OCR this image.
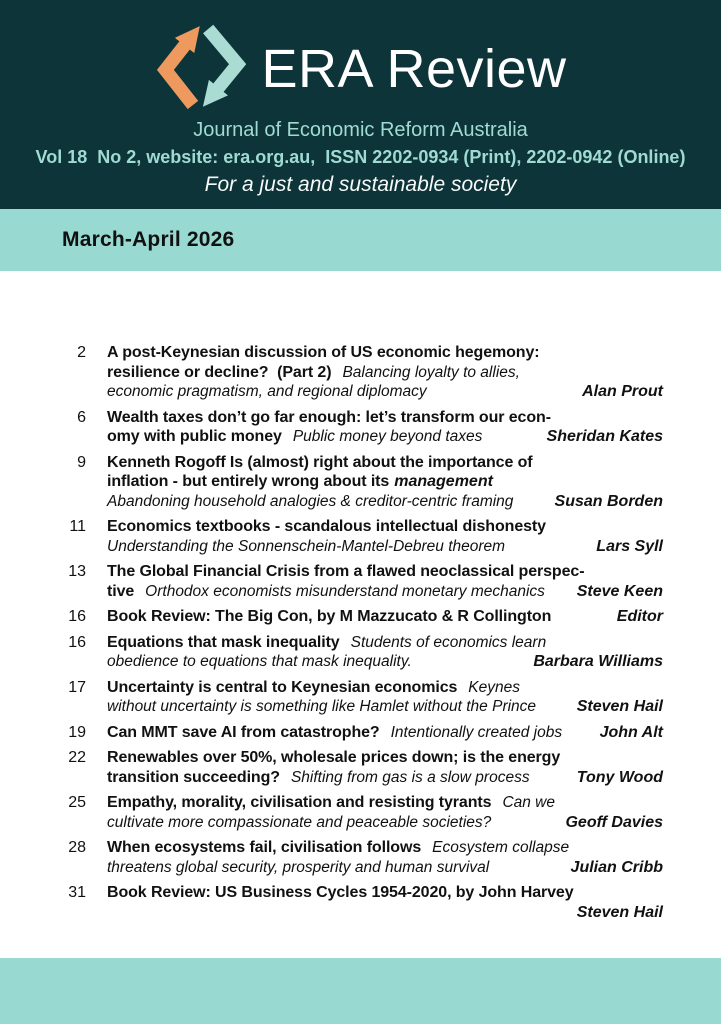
ERA Review
Journal of Economic Reform Australia
Vol 18  No 2, website: era.org.au,  ISSN 2202-0934 (Print), 2202-0942 (Online)
For a just and sustainable society
March-April 2026
2 A post-Keynesian discussion of US economic hegemony:
resilience or decline?  (Part 2) Balancing loyalty to allies,
economic pragmatism, and regional diplomacy	Alan Prout
6 Wealth taxes don’t go far enough: let’s transform our econ-
omy with public money Public money beyond taxes	Sheridan Kates
9 Kenneth Rogoff Is (almost) right about the importance of
inflation - but entirely wrong about its management
Abandoning household analogies & creditor-centric framing	Susan Borden
11 Economics textbooks - scandalous intellectual dishonesty
Understanding the Sonnenschein-Mantel-Debreu theorem	Lars Syll
13 The Global Financial Crisis from a flawed neoclassical perspec-
tive Orthodox economists misunderstand monetary mechanics	Steve Keen
16 Book Review: The Big Con, by M Mazzucato & R Collington	Editor
16 Equations that mask inequality Students of economics learn
obedience to equations that mask inequality.	Barbara Williams
17 Uncertainty is central to Keynesian economics Keynes
without uncertainty is something like Hamlet without the Prince	Steven Hail
19 Can MMT save AI from catastrophe? Intentionally created jobs	John Alt
22 Renewables over 50%, wholesale prices down; is the energy
transition succeeding? Shifting from gas is a slow process	Tony Wood
25 Empathy, morality, civilisation and resisting tyrants Can we
cultivate more compassionate and peaceable societies?	Geoff Davies
28 When ecosystems fail, civilisation follows Ecosystem collapse
threatens global security, prosperity and human survival	Julian Cribb
31 Book Review: US Business Cycles 1954-2020, by John Harvey
Steven Hail
